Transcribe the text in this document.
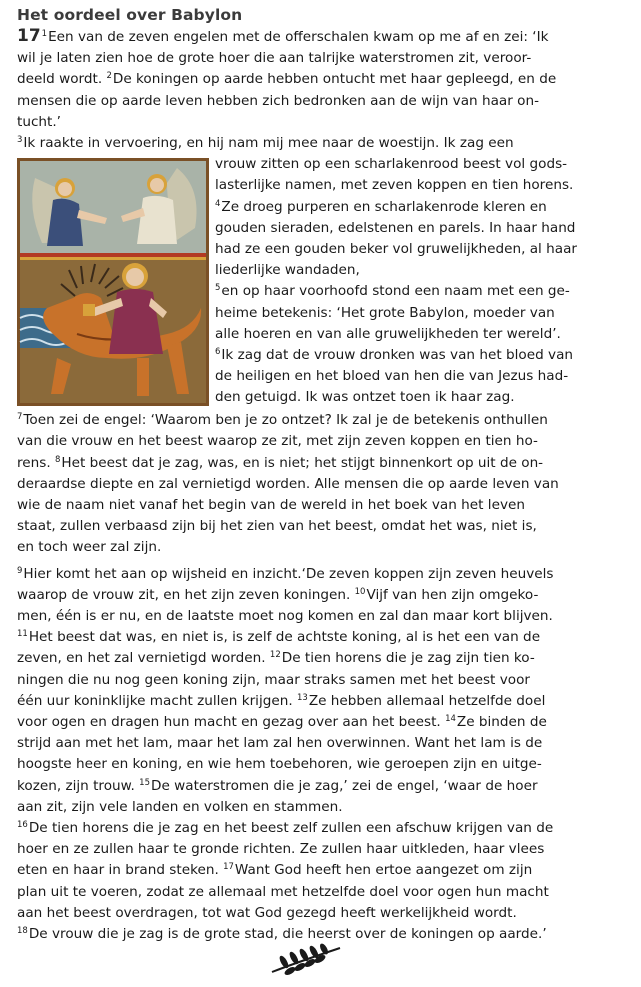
Het oordeel over Babylon

$17^1Een$ van de zeven engelen met de offerschalen kwam op me af en zei: ‘Ik
wil je laten zien hoe de grote hoer die aan talrijke waterstromen zit, veroor-
deeld wordt. $^2$De koningen op aarde hebben ontucht met haar gepleegd, en de
mensen die op aarde leven hebben zich bedronken aan de wijn van haar on-
tucht.’

$^3$Ik raakte in vervoering, en hij nam mij mee naar de woestijn. Ik zag een
vrouw zitten op een scharlakenrood beest vol gods-
lasterlijke namen, met zeven koppen en tien horens.
$^4$Ze droeg purperen en scharlakenrode kleren en
gouden sieraden, edelstenen en parels. In haar hand
had ze een gouden beker vol gruwelijkheden, al haar
liederlijke wandaden,
$^5$en op haar voorhoofd stond een naam met een ge-
heime betekenis: ‘Het grote Babylon, moeder van
alle hoeren en van alle gruwelijkheden ter wereld’.
$^6$Ik zag dat de vrouw dronken was van het bloed van
de heiligen en het bloed van hen die van Jezus had-
den getuigd. Ik was ontzet toen ik haar zag.

$^7$Toen zei de engel: ‘Waarom ben je zo ontzet? Ik zal je de betekenis onthullen
van die vrouw en het beest waarop ze zit, met zijn zeven koppen en tien ho-
rens. $^8$Het beest dat je zag, was, en is niet; het stijgt binnenkort op uit de on-
deraardse diepte en zal vernietigd worden. Alle mensen die op aarde leven van
wie de naam niet vanaf het begin van de wereld in het boek van het leven
staat, zullen verbaasd zijn bij het zien van het beest, omdat het was, niet is,
en toch weer zal zijn.

$^9$Hier komt het aan op wijsheid en inzicht.‘De zeven koppen zijn zeven heuvels
waarop de vrouw zit, en het zijn zeven koningen. $^{10}$Vijf van hen zijn omgeko-
men, één is er nu, en de laatste moet nog komen en zal dan maar kort blijven.
$^{11}$Het beest dat was, en niet is, is zelf de achtste koning, al is het een van de
zeven, en het zal vernietigd worden. $^{12}$De tien horens die je zag zijn tien ko-
ningen die nu nog geen koning zijn, maar straks samen met het beest voor
één uur koninklijke macht zullen krijgen. $^{13}$Ze hebben allemaal hetzelfde doel
voor ogen en dragen hun macht en gezag over aan het beest. $^{14}$Ze binden de
strijd aan met het lam, maar het lam zal hen overwinnen. Want het lam is de
hoogste heer en koning, en wie hem toebehoren, wie geroepen zijn en uitge-
kozen, zijn trouw. $^{15}$De waterstromen die je zag,’ zei de engel, ‘waar de hoer
aan zit, zijn vele landen en volken en stammen.

$^{16}$De tien horens die je zag en het beest zelf zullen een afschuw krijgen van de
hoer en ze zullen haar te gronde richten. Ze zullen haar uitkleden, haar vlees
eten en haar in brand steken. $^{17}$Want God heeft hen ertoe aangezet om zijn
plan uit te voeren, zodat ze allemaal met hetzelfde doel voor ogen hun macht
aan het beest overdragen, tot wat God gezegd heeft werkelijkheid wordt.
$^{18}$De vrouw die je zag is de grote stad, die heerst over de koningen op aarde.’
